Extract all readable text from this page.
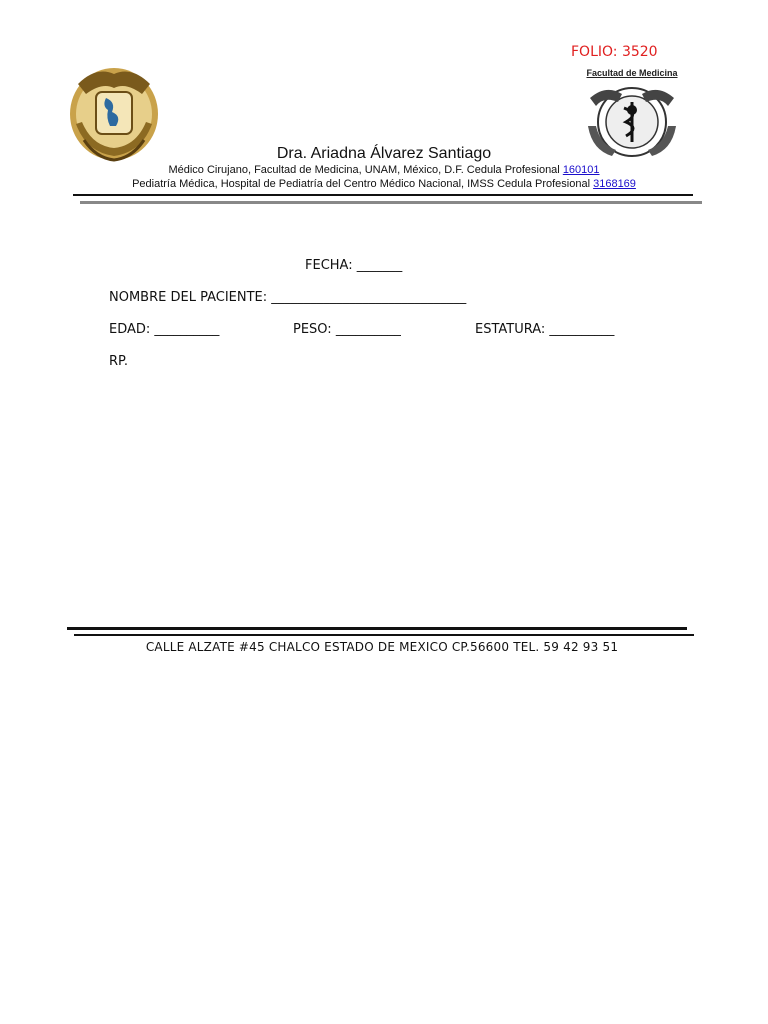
FOLIO: 3520
Facultad de Medicina
Dra. Ariadna Álvarez Santiago
Médico Cirujano, Facultad de Medicina, UNAM, México, D.F. Cedula Profesional 160101
Pediatría Médica, Hospital de Pediatría del Centro Médico Nacional, IMSS Cedula Profesional 3168169
FECHA: _______
NOMBRE DEL PACIENTE: ______________________________
EDAD: __________	PESO: __________	ESTATURA: __________
RP.
CALLE ALZATE #45 CHALCO ESTADO DE MEXICO CP.56600 TEL. 59 42 93 51
